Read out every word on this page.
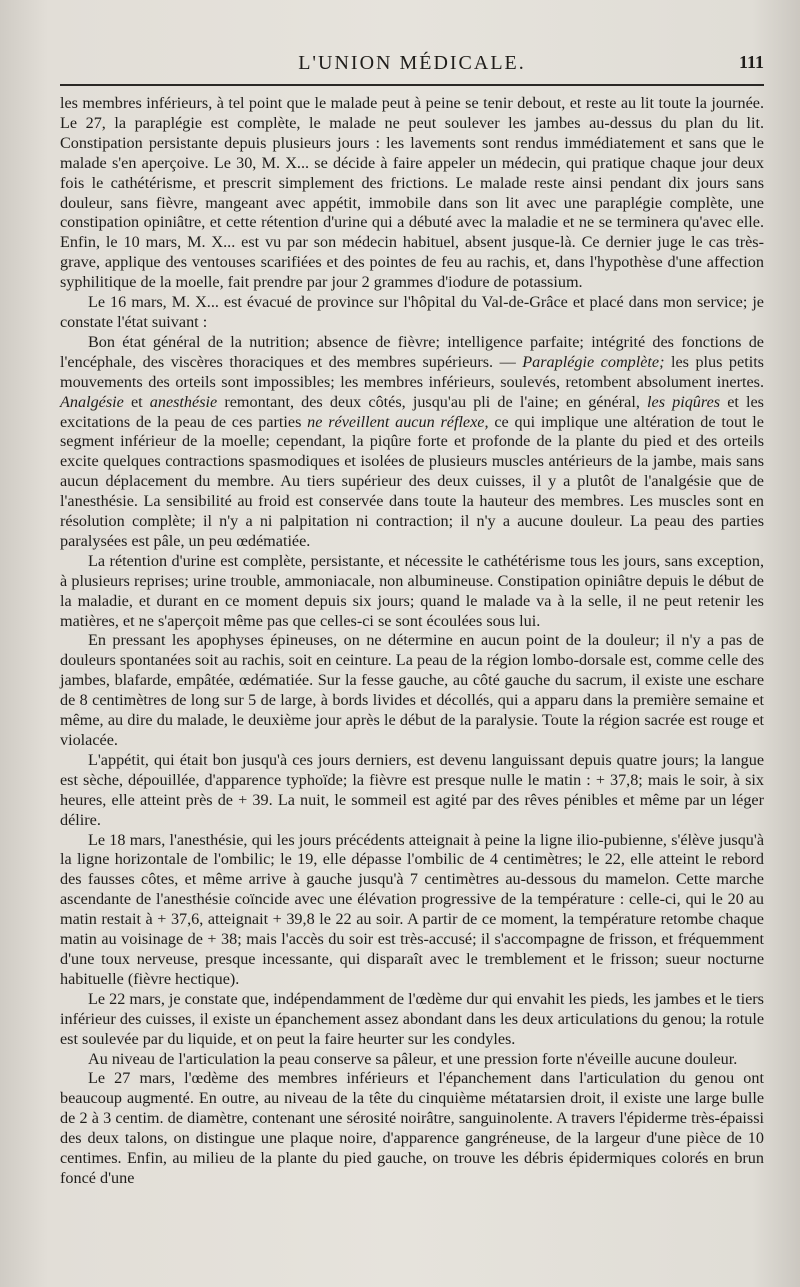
L'UNION MÉDICALE.	111

les membres inférieurs, à tel point que le malade peut à peine se tenir debout, et reste au lit toute la journée. Le 27, la paraplégie est complète, le malade ne peut soulever les jambes au-dessus du plan du lit. Constipation persistante depuis plusieurs jours : les lavements sont rendus immédiatement et sans que le malade s'en aperçoive. Le 30, M. X... se décide à faire appeler un médecin, qui pratique chaque jour deux fois le cathétérisme, et prescrit simplement des frictions. Le malade reste ainsi pendant dix jours sans douleur, sans fièvre, mangeant avec appétit, immobile dans son lit avec une paraplégie complète, une constipation opiniâtre, et cette rétention d'urine qui a débuté avec la maladie et ne se terminera qu'avec elle. Enfin, le 10 mars, M. X... est vu par son médecin habituel, absent jusque-là. Ce dernier juge le cas très-grave, applique des ventouses scarifiées et des pointes de feu au rachis, et, dans l'hypothèse d'une affection syphilitique de la moelle, fait prendre par jour 2 grammes d'iodure de potassium.

Le 16 mars, M. X... est évacué de province sur l'hôpital du Val-de-Grâce et placé dans mon service; je constate l'état suivant :

Bon état général de la nutrition; absence de fièvre; intelligence parfaite; intégrité des fonctions de l'encéphale, des viscères thoraciques et des membres supérieurs. — Paraplégie complète; les plus petits mouvements des orteils sont impossibles; les membres inférieurs, soulevés, retombent absolument inertes. Analgésie et anesthésie remontant, des deux côtés, jusqu'au pli de l'aine; en général, les piqûres et les excitations de la peau de ces parties ne réveillent aucun réflexe, ce qui implique une altération de tout le segment inférieur de la moelle; cependant, la piqûre forte et profonde de la plante du pied et des orteils excite quelques contractions spasmodiques et isolées de plusieurs muscles antérieurs de la jambe, mais sans aucun déplacement du membre. Au tiers supérieur des deux cuisses, il y a plutôt de l'analgésie que de l'anesthésie. La sensibilité au froid est conservée dans toute la hauteur des membres. Les muscles sont en résolution complète; il n'y a ni palpitation ni contraction; il n'y a aucune douleur. La peau des parties paralysées est pâle, un peu œdématiée.

La rétention d'urine est complète, persistante, et nécessite le cathétérisme tous les jours, sans exception, à plusieurs reprises; urine trouble, ammoniacale, non albumineuse. Constipation opiniâtre depuis le début de la maladie, et durant en ce moment depuis six jours; quand le malade va à la selle, il ne peut retenir les matières, et ne s'aperçoit même pas que celles-ci se sont écoulées sous lui.

En pressant les apophyses épineuses, on ne détermine en aucun point de la douleur; il n'y a pas de douleurs spontanées soit au rachis, soit en ceinture. La peau de la région lombo-dorsale est, comme celle des jambes, blafarde, empâtée, œdématiée. Sur la fesse gauche, au côté gauche du sacrum, il existe une eschare de 8 centimètres de long sur 5 de large, à bords livides et décollés, qui a apparu dans la première semaine et même, au dire du malade, le deuxième jour après le début de la paralysie. Toute la région sacrée est rouge et violacée.

L'appétit, qui était bon jusqu'à ces jours derniers, est devenu languissant depuis quatre jours; la langue est sèche, dépouillée, d'apparence typhoïde; la fièvre est presque nulle le matin : + 37,8; mais le soir, à six heures, elle atteint près de + 39. La nuit, le sommeil est agité par des rêves pénibles et même par un léger délire.

Le 18 mars, l'anesthésie, qui les jours précédents atteignait à peine la ligne ilio-pubienne, s'élève jusqu'à la ligne horizontale de l'ombilic; le 19, elle dépasse l'ombilic de 4 centimètres; le 22, elle atteint le rebord des fausses côtes, et même arrive à gauche jusqu'à 7 centimètres au-dessous du mamelon. Cette marche ascendante de l'anesthésie coïncide avec une élévation progressive de la température : celle-ci, qui le 20 au matin restait à + 37,6, atteignait + 39,8 le 22 au soir. A partir de ce moment, la température retombe chaque matin au voisinage de + 38; mais l'accès du soir est très-accusé; il s'accompagne de frisson, et fréquemment d'une toux nerveuse, presque incessante, qui disparaît avec le tremblement et le frisson; sueur nocturne habituelle (fièvre hectique).

Le 22 mars, je constate que, indépendamment de l'œdème dur qui envahit les pieds, les jambes et le tiers inférieur des cuisses, il existe un épanchement assez abondant dans les deux articulations du genou; la rotule est soulevée par du liquide, et on peut la faire heurter sur les condyles.

Au niveau de l'articulation la peau conserve sa pâleur, et une pression forte n'éveille aucune douleur.

Le 27 mars, l'œdème des membres inférieurs et l'épanchement dans l'articulation du genou ont beaucoup augmenté. En outre, au niveau de la tête du cinquième métatarsien droit, il existe une large bulle de 2 à 3 centim. de diamètre, contenant une sérosité noirâtre, sanguinolente. A travers l'épiderme très-épaissi des deux talons, on distingue une plaque noire, d'apparence gangréneuse, de la largeur d'une pièce de 10 centimes. Enfin, au milieu de la plante du pied gauche, on trouve les débris épidermiques colorés en brun foncé d'une
